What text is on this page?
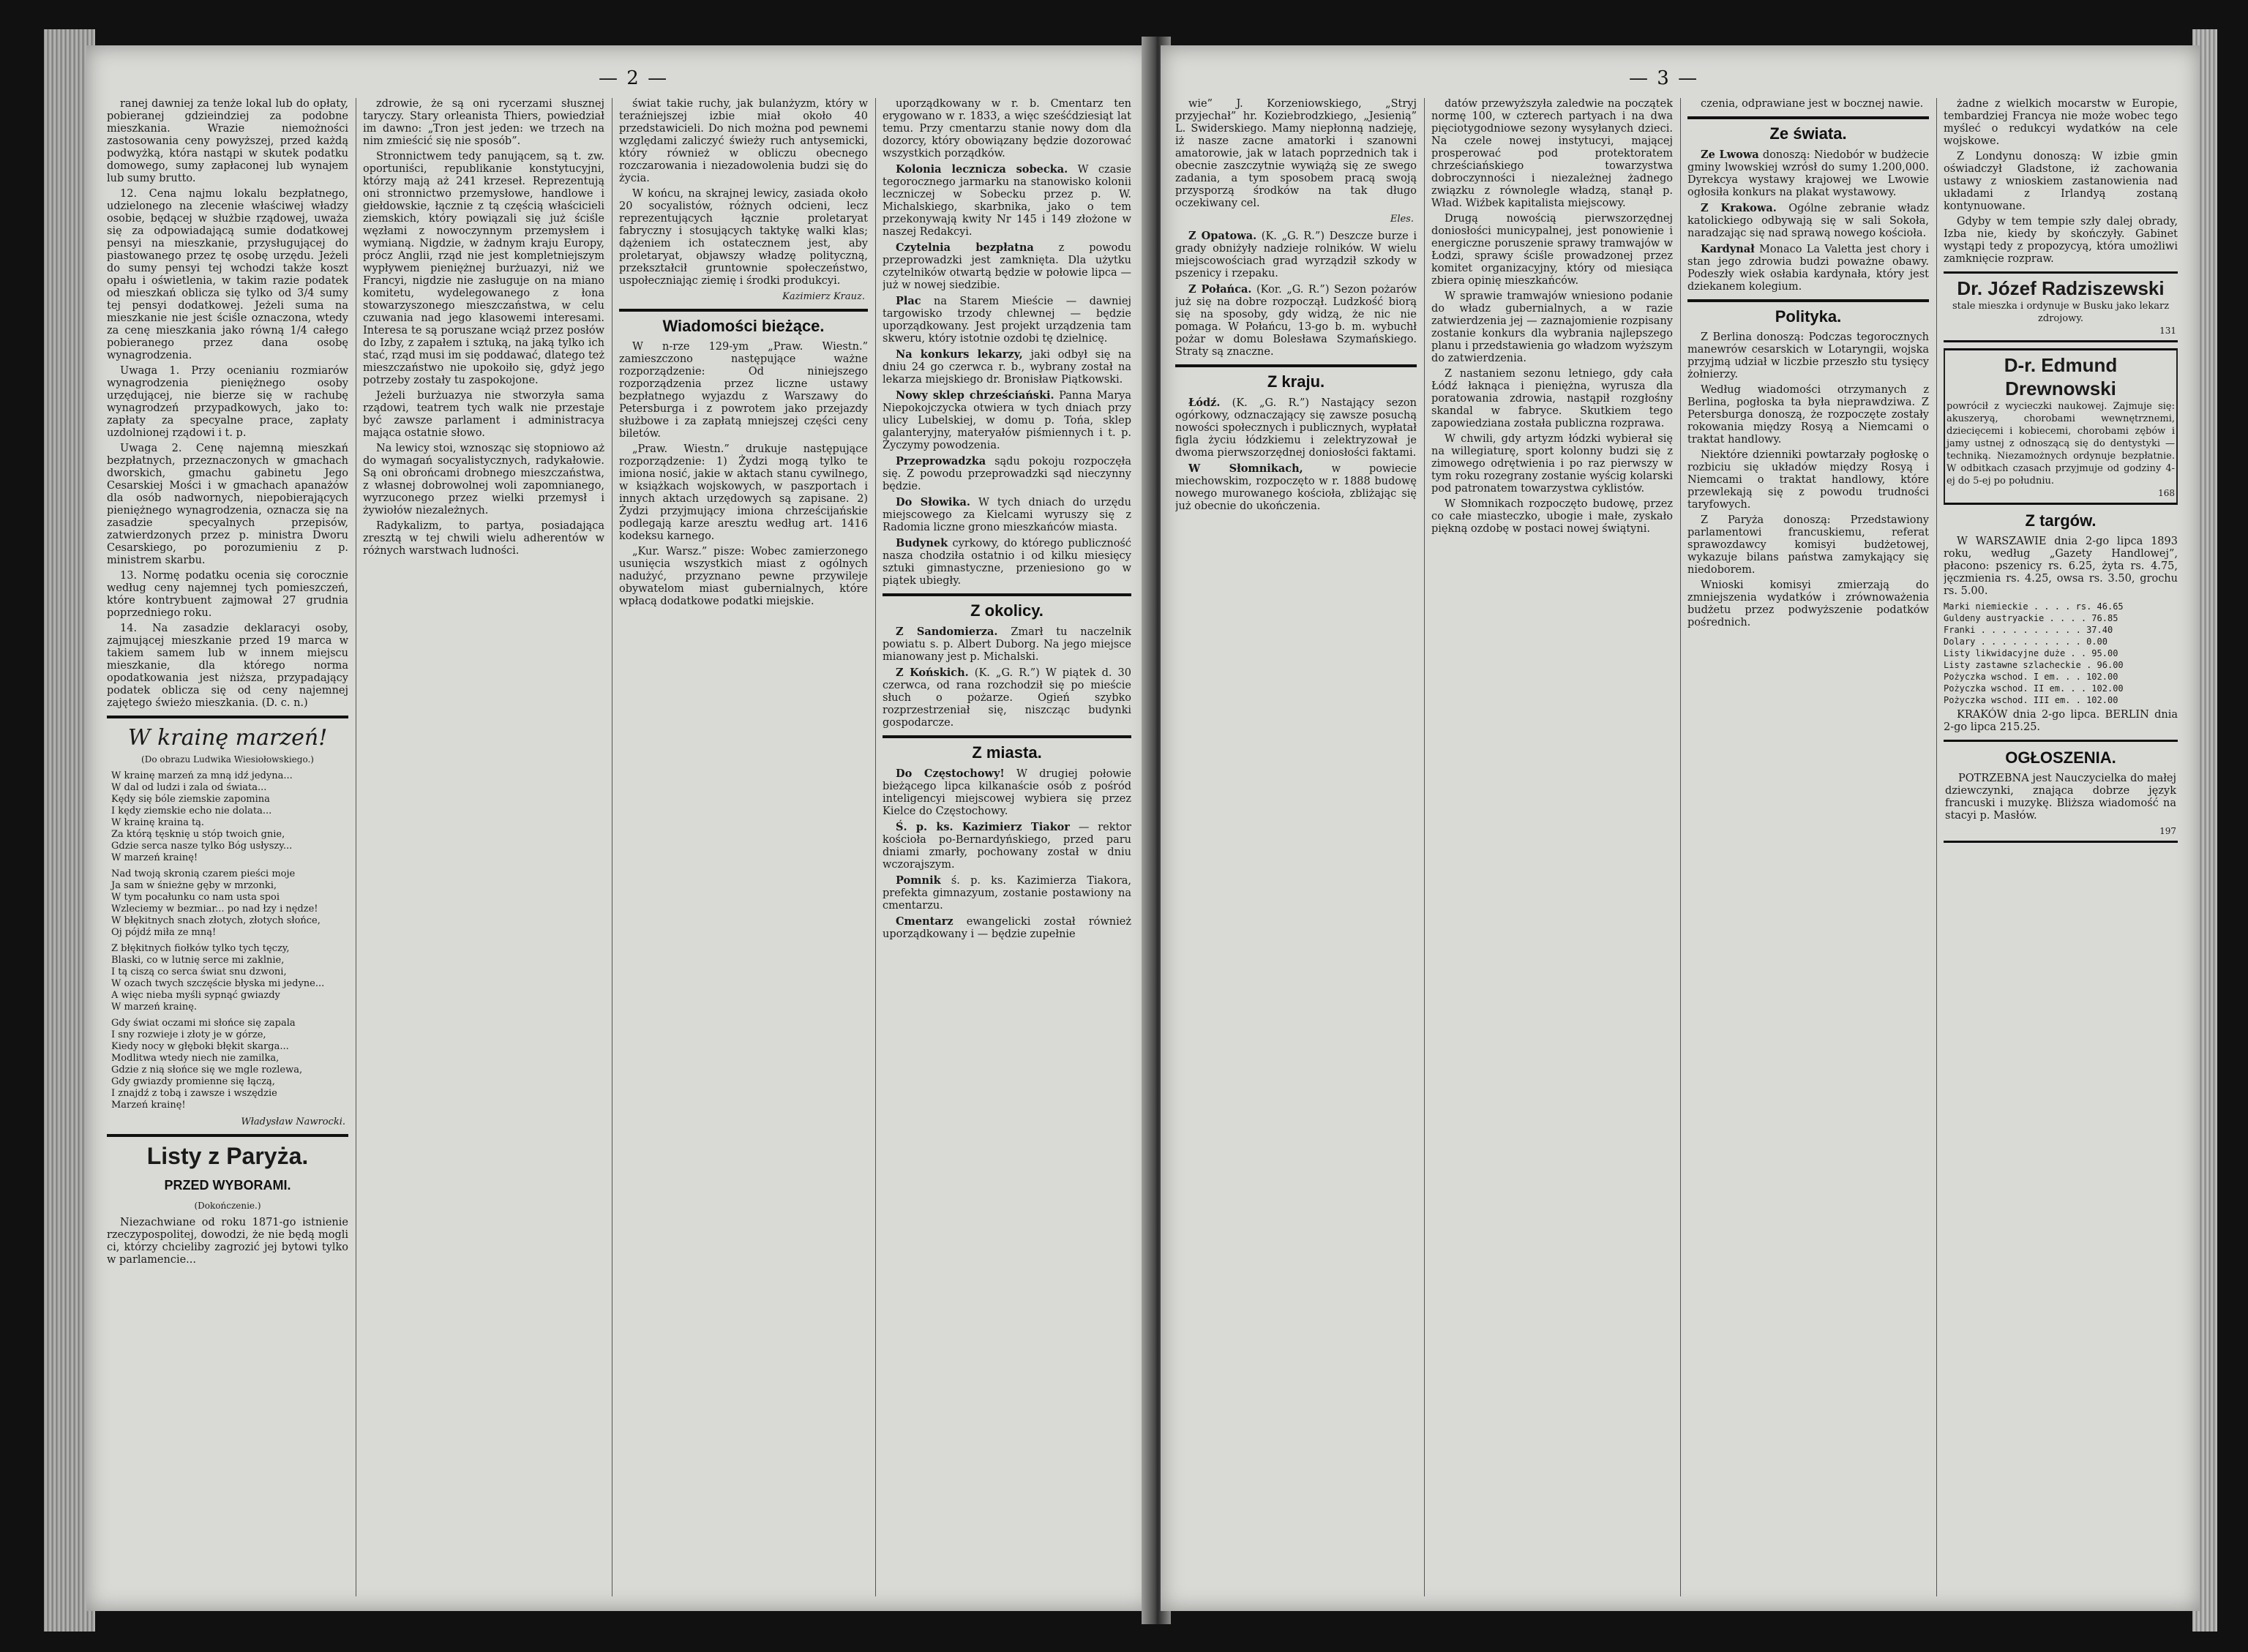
— 2 —

ranej dawniej za tenże lokal lub do opłaty, pobieranej gdzieindziej za podobne mieszkania. Wrazie niemożności zastosowania ceny powyższej, przed każdą podwyżką, która nastąpi w skutek podatku domowego, sumy zapłaconej lub wynajem lub sumy brutto.

12. Cena najmu lokalu bezpłatnego, udzielonego na zlecenie właściwej władzy osobie, będącej w służbie rządowej, uważa się za odpowiadającą sumie dodatkowej pensyi na mieszkanie, przysługującej do piastowanego przez tę osobę urzędu. Jeżeli do sumy pensyi tej wchodzi także koszt opału i oświetlenia, w takim razie podatek od mieszkań oblicza się tylko od 3/4 sumy tej pensyi dodatkowej. Jeżeli suma na mieszkanie nie jest ściśle oznaczona, wtedy za cenę mieszkania jako równą 1/4 całego pobieranego przez dana osobę wynagrodzenia.

Uwaga 1. Przy ocenianiu rozmiarów wynagrodzenia pieniężnego osoby urzędującej, nie bierze się w rachubę wynagrodzeń przypadkowych, jako to: zapłaty za specyalne prace, zapłaty uzdolnionej rządowi i t. p.

Uwaga 2. Cenę najemną mieszkań bezpłatnych, przeznaczonych w gmachach dworskich, gmachu gabinetu Jego Cesarskiej Mości i w gmachach apanażów dla osób nadwornych, niepobierających pieniężnego wynagrodzenia, oznacza się na zasadzie specyalnych przepisów, zatwierdzonych przez p. ministra Dworu Cesarskiego, po porozumieniu z p. ministrem skarbu.

13. Normę podatku ocenia się corocznie według ceny najemnej tych pomieszczeń, które kontrybuent zajmował 27 grudnia poprzedniego roku.

14. Na zasadzie deklaracyi osoby, zajmującej mieszkanie przed 19 marca w takiem samem lub w innem miejscu mieszkanie, dla którego norma opodatkowania jest niższa, przypadający podatek oblicza się od ceny najemnej zajętego świeżo mieszkania. (D. c. n.)

W krainę marzeń!
(Do obrazu Ludwika Wiesiołowskiego.)
W krainę marzeń za mną idź jedyna...
W dal od ludzi i zala od świata...
Kędy się bóle ziemskie zapomina
I kędy ziemskie echo nie dolata...
W krainę kraina tą.
Za którą tęsknię u stóp twoich gnie,
Gdzie serca nasze tylko Bóg usłyszy...
W marzeń krainę!
Nad twoją skronią czarem pieści moje
Ja sam w śnieżne gęby w mrzonki,
W tym pocałunku co nam usta spoi
Wzleciemy w bezmiar... po nad łzy i nędze!
W błękitnych snach złotych, złotych słońce,
Oj pójdź miła ze mną!
Z błękitnych fiołków tylko tych tęczy,
Blaski, co w lutnię serce mi zaklnie,
I tą ciszą co serca świat snu dzwoni,
W ozach twych szczęście błyska mi jedyne...
A więc nieba myśli sypnąć gwiazdy
W marzeń krainę.
Gdy świat oczami mi słońce się zapala
I sny rozwieje i złoty je w górze,
Kiedy nocy w głęboki błękit skarga...
Modlitwa wtedy niech nie zamilka,
Gdzie z nią słońce się we mgle rozlewa,
Gdy gwiazdy promienne się łączą,
I znajdź z tobą i zawsze i wszędzie
Marzeń krainę!
Władysław Nawrocki.
Listy z Paryża.
PRZED WYBORAMI.
(Dokończenie.)

Niezachwiane od roku 1871-go istnienie rzeczypospolitej, dowodzi, że nie będą mogli ci, którzy chcieliby zagrozić jej bytowi tylko w parlamencie...

zdrowie, że są oni rycerzami słusznej taryczy. Stary orleanista Thiers, powiedział im dawno: „Tron jest jeden: we trzech na nim zmieścić się nie sposób”.

Stronnictwem tedy panującem, są t. zw. oportuniści, republikanie konstytucyjni, którzy mają aż 241 krzeseł. Reprezentują oni stronnictwo przemysłowe, handlowe i giełdowskie, łącznie z tą częścią właścicieli ziemskich, który powiązali się już ściśle węzłami z nowoczynnym przemysłem i wymianą. Nigdzie, w żadnym kraju Europy, prócz Anglii, rząd nie jest kompletniejszym wypływem pieniężnej burżuazyi, niż we Francyi, nigdzie nie zasługuje on na miano komitetu, wydelegowanego z łona stowarzyszonego mieszczaństwa, w celu czuwania nad jego klasowemi interesami. Interesa te są poruszane wciąż przez posłów do Izby, z zapałem i sztuką, na jaką tylko ich stać, rząd musi im się poddawać, dlatego też mieszczaństwo nie upokoiło się, gdyż jego potrzeby zostały tu zaspokojone.

Jeżeli burżuazya nie stworzyła sama rządowi, teatrem tych walk nie przestaje być zawsze parlament i administracya mająca ostatnie słowo.

Na lewicy stoi, wznosząc się stopniowo aż do wymagań socyalistycznych, radykałowie. Są oni obrońcami drobnego mieszczaństwa, z własnej dobrowolnej woli zapomnianego, wyrzuconego przez wielki przemysł i żywiołów niezależnych.

Radykalizm, to partya, posiadająca zresztą w tej chwili wielu adherentów w różnych warstwach ludności.

świat takie ruchy, jak bulanżyzm, który w teraźniejszej izbie miał około 40 przedstawicieli. Do nich można pod pewnemi względami zaliczyć świeży ruch antysemicki, który również w obliczu obecnego rozczarowania i niezadowolenia budzi się do życia.

W końcu, na skrajnej lewicy, zasiada około 20 socyalistów, różnych odcieni, lecz reprezentujących łącznie proletaryat fabryczny i stosujących taktykę walki klas; dążeniem ich ostatecznem jest, aby proletaryat, objawszy władzę polityczną, przekształcił gruntownie społeczeństwo, uspołeczniając ziemię i środki produkcyi.

Kazimierz Krauz.
Wiadomości bieżące.

W n-rze 129-ym „Praw. Wiestn.” zamieszczono następujące ważne rozporządzenie: Od niniejszego rozporządzenia przez liczne ustawy bezpłatnego wyjazdu z Warszawy do Petersburga i z powrotem jako przejazdy służbowe i za zapłatą mniejszej części ceny biletów.

„Praw. Wiestn.” drukuje następujące rozporządzenie: 1) Żydzi mogą tylko te imiona nosić, jakie w aktach stanu cywilnego, w książkach wojskowych, w paszportach i innych aktach urzędowych są zapisane. 2) Żydzi przyjmujący imiona chrześcijańskie podlegają karze aresztu według art. 1416 kodeksu karnego.

„Kur. Warsz.” pisze: Wobec zamierzonego usunięcia wszystkich miast z ogólnych nadużyć, przyznano pewne przywileje obywatelom miast gubernialnych, które wpłacą dodatkowe podatki miejskie.

uporządkowany w r. b. Cmentarz ten erygowano w r. 1833, a więc sześćdziesiąt lat temu. Przy cmentarzu stanie nowy dom dla dozorcy, który obowiązany będzie dozorować wszystkich porządków.

Kolonia lecznicza sobecka. W czasie tegorocznego jarmarku na stanowisko kolonii leczniczej w Sobecku przez p. W. Michalskiego, skarbnika, jako o tem przekonywają kwity Nr 145 i 149 złożone w naszej Redakcyi.

Czytelnia bezpłatna z powodu przeprowadzki jest zamknięta. Dla użytku czytelników otwartą będzie w połowie lipca — już w nowej siedzibie.

Plac na Starem Mieście — dawniej targowisko trzody chlewnej — będzie uporządkowany. Jest projekt urządzenia tam skweru, który istotnie ozdobi tę dzielnicę.

Na konkurs lekarzy, jaki odbył się na dniu 24 go czerwca r. b., wybrany został na lekarza miejskiego dr. Bronisław Piątkowski.

Nowy sklep chrześciański. Panna Marya Niepokojczycka otwiera w tych dniach przy ulicy Lubelskiej, w domu p. Tońa, sklep galanteryjny, materyałów piśmiennych i t. p. Życzymy powodzenia.

Przeprowadzka sądu pokoju rozpoczęła się. Z powodu przeprowadzki sąd nieczynny będzie.

Do Słowika. W tych dniach do urzędu miejscowego za Kielcami wyruszy się z Radomia liczne grono mieszkańców miasta.

Budynek cyrkowy, do którego publiczność nasza chodziła ostatnio i od kilku miesięcy sztuki gimnastyczne, przeniesiono go w piątek ubiegły.

Z okolicy.

Z Sandomierza. Zmarł tu naczelnik powiatu s. p. Albert Duborg. Na jego miejsce mianowany jest p. Michalski.

Z Końskich. (K. „G. R.”) W piątek d. 30 czerwca, od rana rozchodził się po mieście słuch o pożarze. Ogień szybko rozprzestrzeniał się, niszcząc budynki gospodarcze.

Z miasta.

Do Częstochowy! W drugiej połowie bieżącego lipca kilkanaście osób z pośród inteligencyi miejscowej wybiera się przez Kielce do Częstochowy.

Ś. p. ks. Kazimierz Tiakor — rektor kościoła po-Bernardyńskiego, przed paru dniami zmarły, pochowany został w dniu wczorajszym.

Pomnik ś. p. ks. Kazimierza Tiakora, prefekta gimnazyum, zostanie postawiony na cmentarzu.

Cmentarz ewangelicki został również uporządkowany i — będzie zupełnie

— 3 —

wie” J. Korzeniowskiego, „Stryj przyjechał” hr. Koziebrodzkiego, „Jesienią” L. Swiderskiego. Mamy niepłonną nadzieję, iż nasze zacne amatorki i szanowni amatorowie, jak w latach poprzednich tak i obecnie zaszczytnie wywiążą się ze swego zadania, a tym sposobem pracą swoją przysporzą środków na tak długo oczekiwany cel.

Eles.

Z Opatowa. (K. „G. R.”) Deszcze burze i grady obniżyły nadzieje rolników. W wielu miejscowościach grad wyrządził szkody w pszenicy i rzepaku.

Z Połańca. (Kor. „G. R.”) Sezon pożarów już się na dobre rozpoczął. Ludzkość biorą się na sposoby, gdy widzą, że nic nie pomaga. W Połańcu, 13-go b. m. wybuchł pożar w domu Bolesława Szymańskiego. Straty są znaczne.

Z kraju.

Łódź. (K. „G. R.”) Nastający sezon ogórkowy, odznaczający się zawsze posuchą nowości społecznych i publicznych, wypłatał figla życiu łódzkiemu i zelektryzował je dwoma pierwszorzędnej doniosłości faktami.

W Słomnikach,	w powiecie miechowskim, rozpoczęto w r. 1888 budowę nowego murowanego kościoła, zbliżając się już obecnie do ukończenia.

datów przewyższyła zaledwie na początek normę 100, w czterech partyach i na dwa pięciotygodniowe sezony wysyłanych dzieci. Na czele nowej instytucyi, mającej prosperować pod protektoratem chrześciańskiego towarzystwa dobroczynności i niezależnej żadnego związku z równolegle władzą, stanął p. Wład. Wiźbek kapitalista miejscowy.

Drugą nowością pierwszorzędnej doniosłości municypalnej, jest ponowienie i energiczne poruszenie sprawy tramwajów w Łodzi, sprawy ściśle prowadzonej przez komitet organizacyjny, który od miesiąca zbiera opinię mieszkańców.

W sprawie tramwajów wniesiono podanie do władz gubernialnych, a w razie zatwierdzenia jej — zaznajomienie rozpisany zostanie konkurs dla wybrania najlepszego planu i przedstawienia go władzom wyższym do zatwierdzenia.

Z nastaniem sezonu letniego, gdy cała Łódź łaknąca i pieniężna, wyrusza dla poratowania zdrowia, nastąpił rozgłośny skandal w fabryce. Skutkiem tego zapowiedziana została publiczna rozprawa.

W chwili, gdy artyzm łódzki wybierał się na willegiaturę, sport kolonny budzi się z zimowego odrętwienia i po raz pierwszy w tym roku rozegrany zostanie wyścig kolarski pod patronatem towarzystwa cyklistów.

W Słomnikach rozpoczęto budowę, przez co całe miasteczko, ubogie i małe, zyskało piękną ozdobę w postaci nowej świątyni.

czenia, odprawiane jest w bocznej nawie.

Ze świata.

Ze Lwowa donoszą: Niedobór w budżecie gminy lwowskiej wzrósł do sumy 1.200,000. Dyrekcya wystawy krajowej we Lwowie ogłosiła konkurs na plakat wystawowy.

Z Krakowa. Ogólne zebranie władz katolickiego odbywają się w sali Sokoła, naradzając się nad sprawą nowego kościoła.

Kardynał Monaco La Valetta jest chory i stan jego zdrowia budzi poważne obawy. Podeszły wiek osłabia kardynała, który jest dziekanem kolegium.

Polityka.

Z Berlina donoszą: Podczas tegorocznych manewrów cesarskich w Lotaryngii, wojska przyjmą udział w liczbie przeszło stu tysięcy żołnierzy.

Według wiadomości otrzymanych z Berlina, pogłoska ta była nieprawdziwa. Z Petersburga donoszą, że rozpoczęte zostały rokowania między Rosyą a Niemcami o traktat handlowy.

Niektóre dzienniki powtarzały pogłoskę o rozbiciu się układów między Rosyą i Niemcami o traktat handlowy, które przewlekają się z powodu trudności taryfowych.

Z Paryża donoszą: Przedstawiony parlamentowi francuskiemu, referat sprawozdawcy komisyi budżetowej, wykazuje bilans państwa zamykający się niedoborem.

Wnioski komisyi zmierzają do zmniejszenia wydatków i zrównoważenia budżetu przez podwyższenie podatków pośrednich.

żadne z wielkich mocarstw w Europie, tembardziej Francya nie może wobec tego myśleć o redukcyi wydatków na cele wojskowe.

Z Londynu donoszą: W izbie gmin oświadczył Gladstone, iż zachowania ustawy z wnioskiem zastanowienia nad układami z Irlandyą zostaną kontynuowane.

Gdyby w tem tempie szły dalej obrady, Izba nie, kiedy by skończyły. Gabinet wystąpi tedy z propozycyą, która umożliwi zamknięcie rozpraw.

Dr. Józef Radziszewski
stale mieszka i ordynuje w Busku jako lekarz zdrojowy.
131
D-r. Edmund Drewnowski
powrócił z wycieczki naukowej. Zajmuje się: akuszeryą, chorobami wewnętrznemi, dziecięcemi i kobiecemi, chorobami zębów i jamy ustnej z odnoszącą się do dentystyki — techniką. Niezamożnych ordynuje bezpłatnie. W odbitkach czasach przyjmuje od godziny 4-ej do 5-ej po południu.
168
Z targów.

W WARSZAWIE dnia 2-go lipca 1893 roku, według „Gazety Handlowej”, płacono: pszenicy rs. 6.25, żyta rs. 4.75, jęczmienia rs. 4.25, owsa rs. 3.50, grochu rs. 5.00.

Marki niemieckie . . . . rs. 46.65
Guldeny austryackie . . . . 76.85
Franki . . . . . . . . . . 37.40
Dolary . . . . . . . . . . 0.00
Listy likwidacyjne duże . . 95.00
Listy zastawne szlacheckie . 96.00
Pożyczka wschod. I em. . . 102.00
Pożyczka wschod. II em. . . 102.00
Pożyczka wschod. III em. . 102.00

KRAKÓW dnia 2-go lipca. BERLIN dnia 2-go lipca 215.25.

OGŁOSZENIA.

POTRZEBNA jest Nauczycielka do małej dziewczynki, znająca dobrze język francuski i muzykę. Bliższa wiadomość na stacyi p. Masłów.

197
